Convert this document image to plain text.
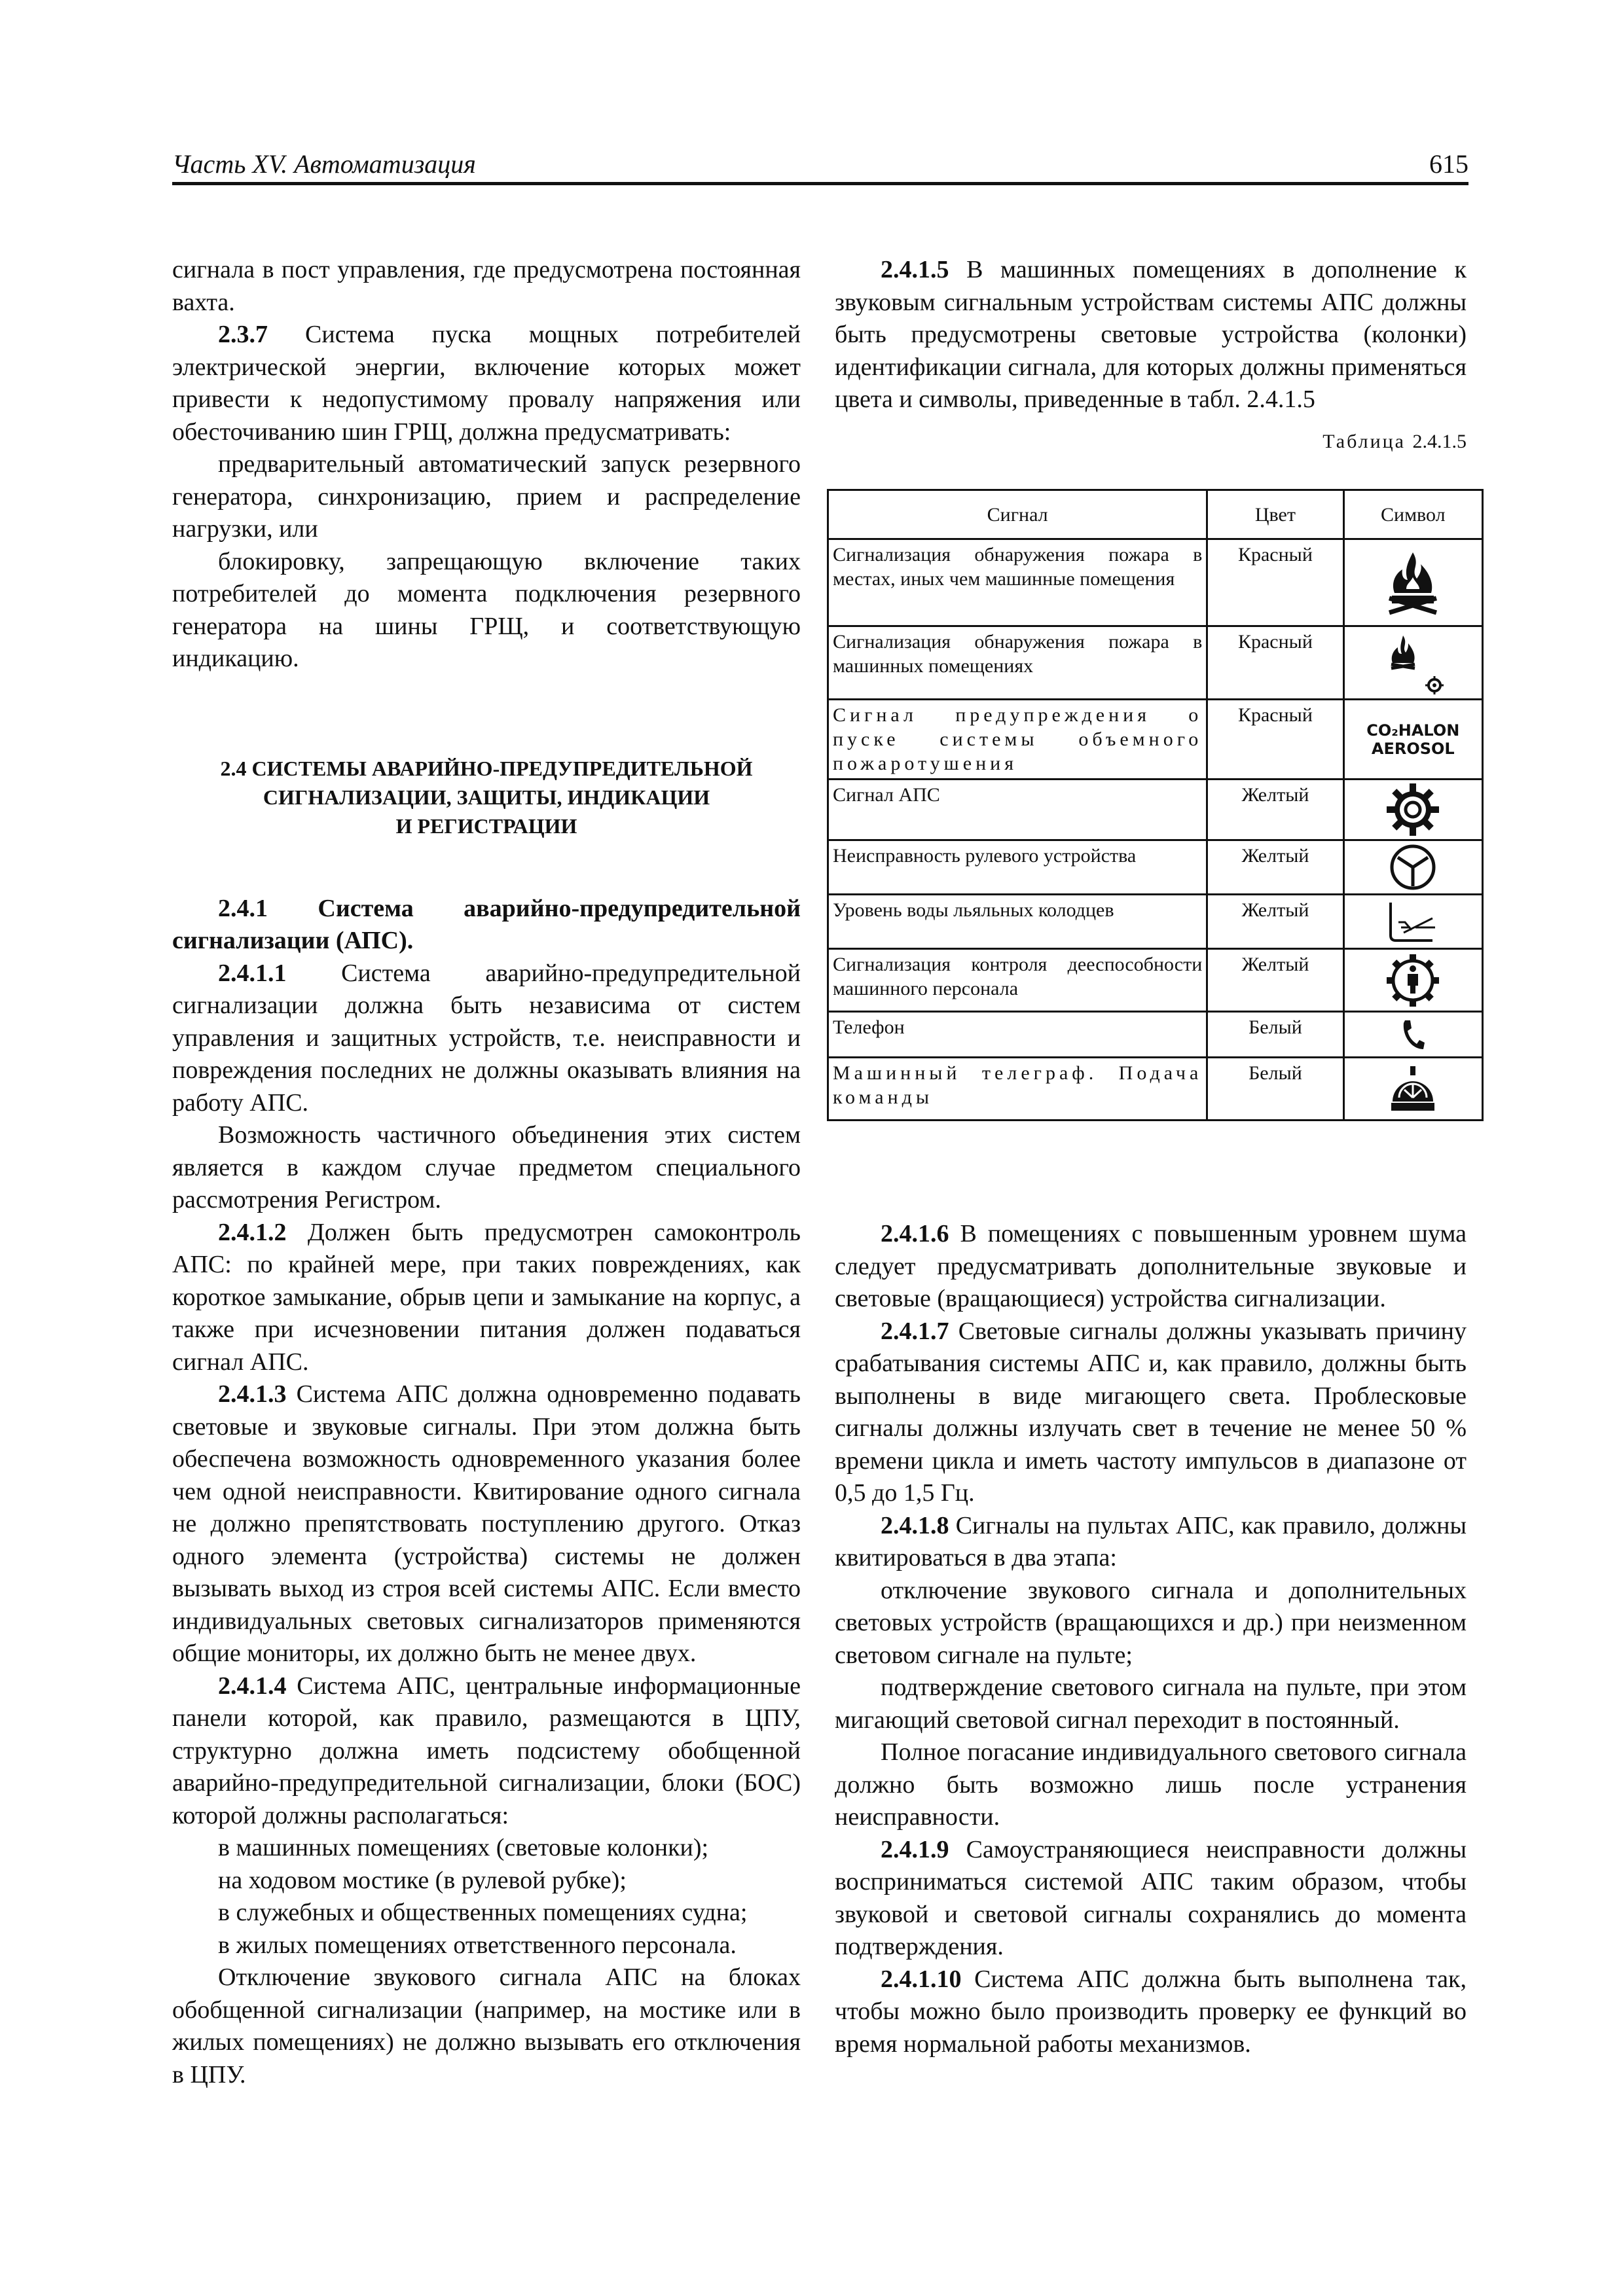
Часть XV. Автоматизация	615

сигнала в пост управления, где предусмотрена постоянная вахта.

2.3.7 Система пуска мощных потребителей электрической энергии, включение которых может привести к недопустимому провалу напряжения или обесточиванию шин ГРЩ, должна предусматривать:

предварительный автоматический запуск резервного генератора, синхронизацию, прием и распределение нагрузки, или

блокировку, запрещающую включение таких потребителей до момента подключения резервного генератора на шины ГРЩ, и соответствующую индикацию.

2.4 СИСТЕМЫ АВАРИЙНО-ПРЕДУПРЕДИТЕЛЬНОЙ
СИГНАЛИЗАЦИИ, ЗАЩИТЫ, ИНДИКАЦИИ
И РЕГИСТРАЦИИ

2.4.1 Система аварийно-предупредительной сигнализации (АПС).

2.4.1.1 Система аварийно-предупредительной сигнализации должна быть независима от систем управления и защитных устройств, т.е. неисправности и повреждения последних не должны оказывать влияния на работу АПС.

Возможность частичного объединения этих систем является в каждом случае предметом специального рассмотрения Регистром.

2.4.1.2 Должен быть предусмотрен самоконтроль АПС: по крайней мере, при таких повреждениях, как короткое замыкание, обрыв цепи и замыкание на корпус, а также при исчезновении питания должен подаваться сигнал АПС.

2.4.1.3 Система АПС должна одновременно подавать световые и звуковые сигналы. При этом должна быть обеспечена возможность одновременного указания более чем одной неисправности. Квитирование одного сигнала не должно препятствовать поступлению другого. Отказ одного элемента (устройства) системы не должен вызывать выход из строя всей системы АПС. Если вместо индивидуальных световых сигнализаторов применяются общие мониторы, их должно быть не менее двух.

2.4.1.4 Система АПС, центральные информационные панели которой, как правило, размещаются в ЦПУ, структурно должна иметь подсистему обобщенной аварийно-предупредительной сигнализации, блоки (БОС) которой должны располагаться:

в машинных помещениях (световые колонки);

на ходовом мостике (в рулевой рубке);

в служебных и общественных помещениях судна;

в жилых помещениях ответственного персонала.

Отключение звукового сигнала АПС на блоках обобщенной сигнализации (например, на мостике или в жилых помещениях) не должно вызывать его отключения в ЦПУ.

2.4.1.5 В машинных помещениях в дополнение к звуковым сигнальным устройствам системы АПС должны быть предусмотрены световые устройства (колонки) идентификации сигнала, для которых должны применяться цвета и символы, приведенные в табл. 2.4.1.5

Таблица 2.4.1.5
Сигнал	Цвет	Символ
Сигнализация обнаружения пожара в местах, иных чем машинные помещения	Красный	

Сигнализация обнаружения пожара в машинных помещениях	Красный	

Сигнал предупреждения о пуске системы объемного пожаротушения	Красный	CO₂HALON
AEROSOL

Сигнал АПС	Желтый	

Неисправность рулевого устройства	Желтый	

Уровень воды льяльных колодцев	Желтый	

Сигнализация контроля дееспособности машинного персонала	Желтый	

Телефон	Белый	

Машинный телеграф. Подача команды	Белый	

2.4.1.6 В помещениях с повышенным уровнем шума следует предусматривать дополнительные звуковые и световые (вращающиеся) устройства сигнализации.

2.4.1.7 Световые сигналы должны указывать причину срабатывания системы АПС и, как правило, должны быть выполнены в виде мигающего света. Проблесковые сигналы должны излучать свет в течение не менее 50 % времени цикла и иметь частоту импульсов в диапазоне от 0,5 до 1,5 Гц.

2.4.1.8 Сигналы на пультах АПС, как правило, должны квитироваться в два этапа:

отключение звукового сигнала и дополнительных световых устройств (вращающихся и др.) при неизменном световом сигнале на пульте;

подтверждение светового сигнала на пульте, при этом мигающий световой сигнал переходит в постоянный.

Полное погасание индивидуального светового сигнала должно быть возможно лишь после устранения неисправности.

2.4.1.9 Самоустраняющиеся неисправности должны восприниматься системой АПС таким образом, чтобы звуковой и световой сигналы сохранялись до момента подтверждения.

2.4.1.10 Система АПС должна быть выполнена так, чтобы можно было производить проверку ее функций во время нормальной работы механизмов.
